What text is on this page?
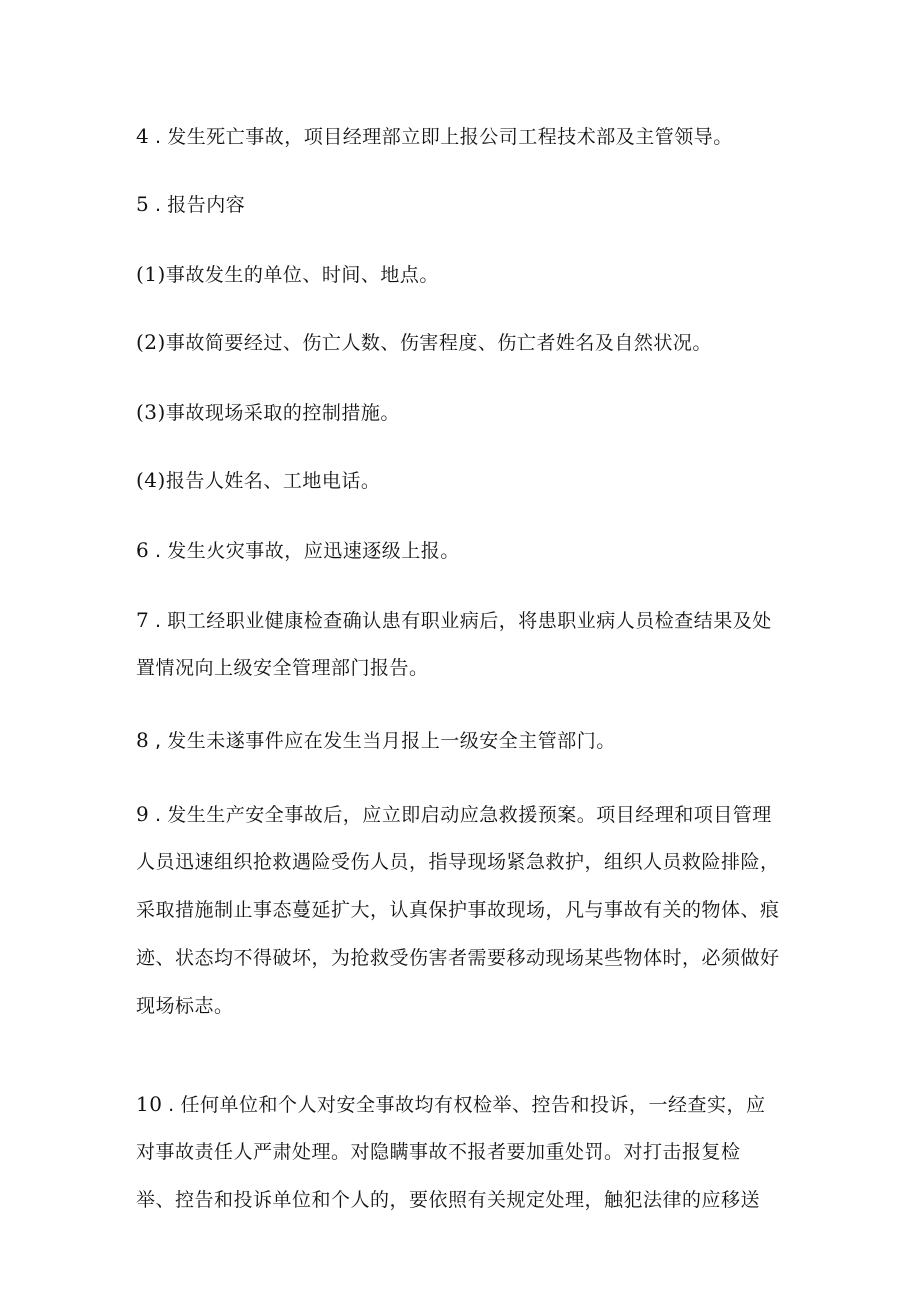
4 . 发生死亡事故，项目经理部立即上报公司工程技术部及主管领导。
5 . 报告内容
(1)事故发生的单位、时间、地点。
(2)事故简要经过、伤亡人数、伤害程度、伤亡者姓名及自然状况。
(3)事故现场采取的控制措施。
(4)报告人姓名、工地电话。
6 . 发生火灾事故，应迅速逐级上报。
7 . 职工经职业健康检查确认患有职业病后，将患职业病人员检查结果及处
置情况向上级安全管理部门报告。
8 , 发生未遂事件应在发生当月报上一级安全主管部门。
9 . 发生生产安全事故后，应立即启动应急救援预案。项目经理和项目管理
人员迅速组织抢救遇险受伤人员，指导现场紧急救护，组织人员救险排险，
采取措施制止事态蔓延扩大，认真保护事故现场，凡与事故有关的物体、痕
迹、状态均不得破坏，为抢救受伤害者需要移动现场某些物体时，必须做好
现场标志。
10 . 任何单位和个人对安全事故均有权检举、控告和投诉，一经查实，应
对事故责任人严肃处理。对隐瞒事故不报者要加重处罚。对打击报复检
举、控告和投诉单位和个人的，要依照有关规定处理，触犯法律的应移送
